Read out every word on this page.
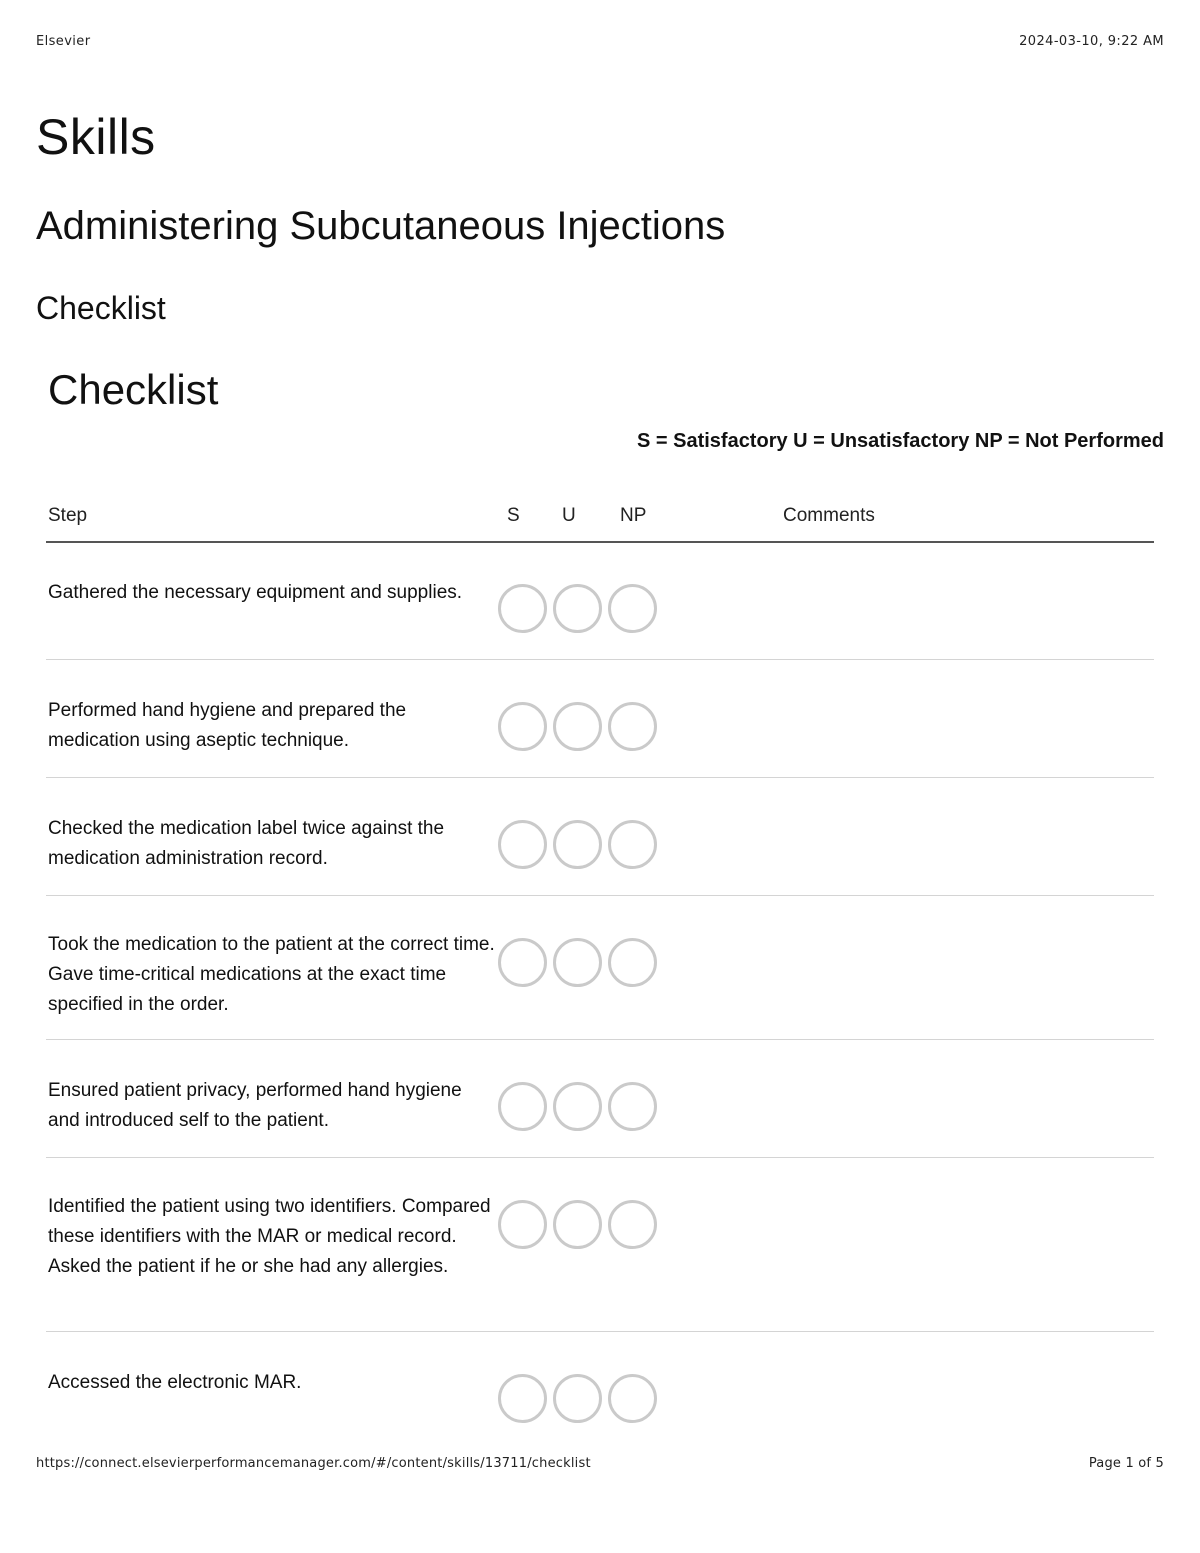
Elsevier	2024-03-10, 9:22 AM
Skills
Administering Subcutaneous Injections
Checklist
Checklist
S = Satisfactory U = Unsatisfactory NP = Not Performed
Step	S U NP	Comments
Gathered the necessary equipment and supplies.
Performed hand hygiene and prepared the medication using aseptic technique.
Checked the medication label twice against the medication administration record.
Took the medication to the patient at the correct time. Gave time-critical medications at the exact time specified in the order.
Ensured patient privacy, performed hand hygiene and introduced self to the patient.
Identified the patient using two identifiers. Compared these identifiers with the MAR or medical record. Asked the patient if he or she had any allergies.
Accessed the electronic MAR.
https://connect.elsevierperformancemanager.com/#/content/skills/13711/checklist	Page 1 of 5
